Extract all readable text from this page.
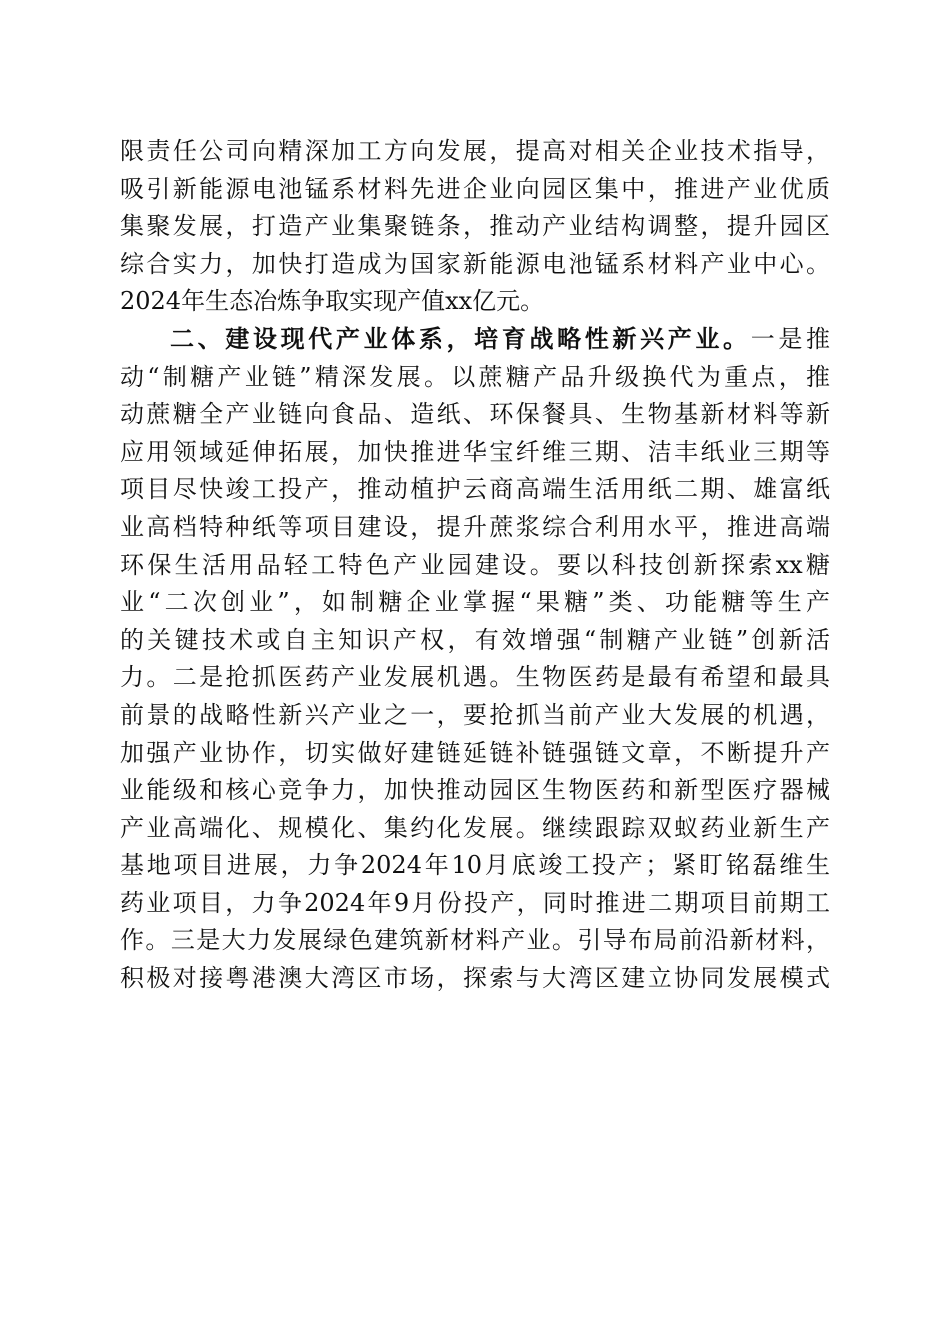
限责任公司向精深加工方向发展，提高对相关企业技术指导，
吸引新能源电池锰系材料先进企业向园区集中，推进产业优质
集聚发展，打造产业集聚链条，推动产业结构调整，提升园区
综合实力，加快打造成为国家新能源电池锰系材料产业中心。
2024年生态冶炼争取实现产值xx亿元。
二、建设现代产业体系，培育战略性新兴产业。一是推
动“制糖产业链”精深发展。以蔗糖产品升级换代为重点，推
动蔗糖全产业链向食品、造纸、环保餐具、生物基新材料等新
应用领域延伸拓展，加快推进华宝纤维三期、洁丰纸业三期等
项目尽快竣工投产，推动植护云商高端生活用纸二期、雄富纸
业高档特种纸等项目建设，提升蔗浆综合利用水平，推进高端
环保生活用品轻工特色产业园建设。要以科技创新探索xx糖
业“二次创业”，如制糖企业掌握“果糖”类、功能糖等生产
的关键技术或自主知识产权，有效增强“制糖产业链”创新活
力。二是抢抓医药产业发展机遇。生物医药是最有希望和最具
前景的战略性新兴产业之一，要抢抓当前产业大发展的机遇，
加强产业协作，切实做好建链延链补链强链文章，不断提升产
业能级和核心竞争力，加快推动园区生物医药和新型医疗器械
产业高端化、规模化、集约化发展。继续跟踪双蚁药业新生产
基地项目进展，力争2024年10月底竣工投产；紧盯铭磊维生
药业项目，力争2024年9月份投产，同时推进二期项目前期工
作。三是大力发展绿色建筑新材料产业。引导布局前沿新材料，
积极对接粤港澳大湾区市场，探索与大湾区建立协同发展模式
